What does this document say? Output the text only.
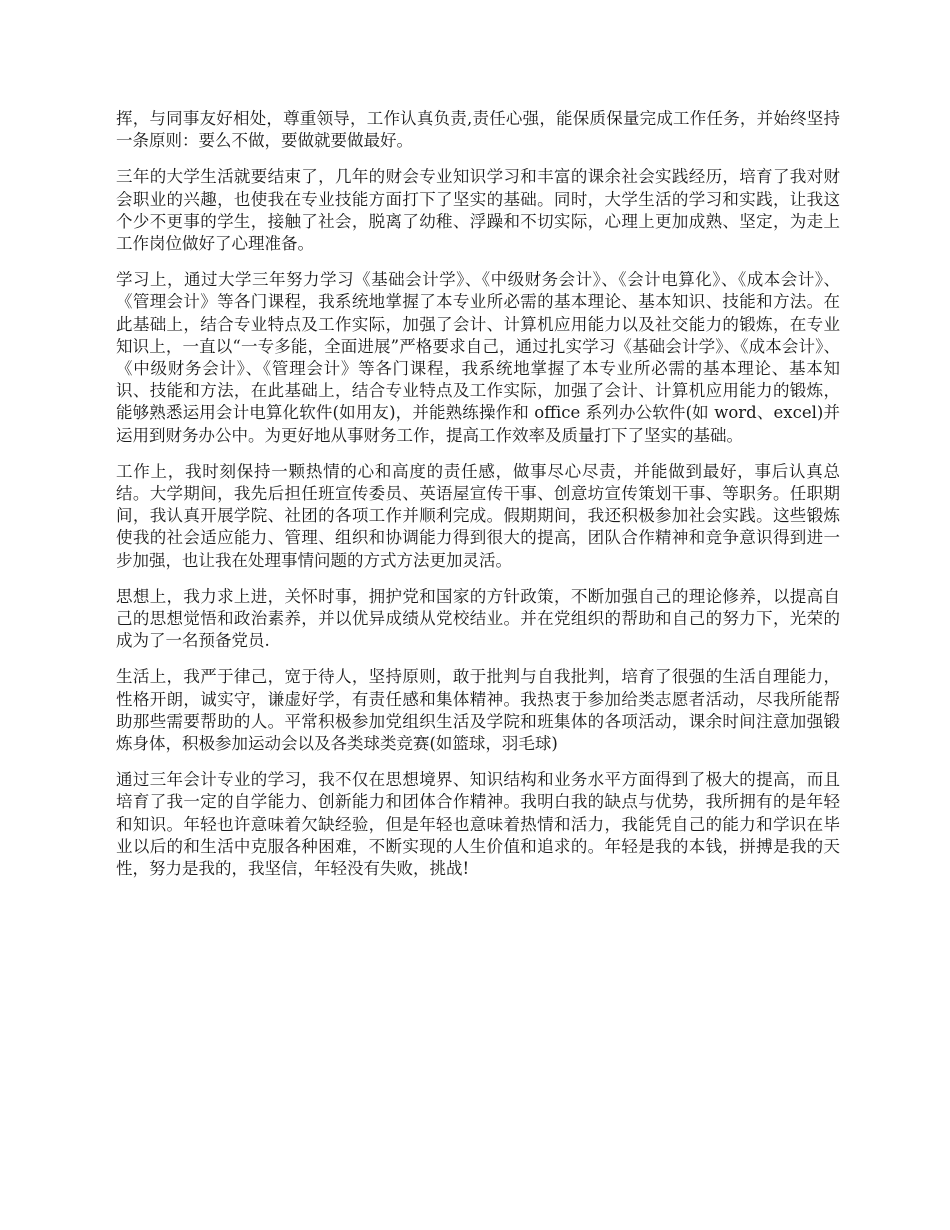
挥，与同事友好相处，尊重领导，工作认真负责,责任心强，能保质保量完成工作任务，并始终坚持一条原则：要么不做，要做就要做最好。

三年的大学生活就要结束了，几年的财会专业知识学习和丰富的课余社会实践经历，培育了我对财会职业的兴趣，也使我在专业技能方面打下了坚实的基础。同时，大学生活的学习和实践，让我这个少不更事的学生，接触了社会，脱离了幼稚、浮躁和不切实际，心理上更加成熟、坚定，为走上工作岗位做好了心理准备。

学习上，通过大学三年努力学习《基础会计学》、《中级财务会计》、《会计电算化》、《成本会计》、《管理会计》等各门课程，我系统地掌握了本专业所必需的基本理论、基本知识、技能和方法。在此基础上，结合专业特点及工作实际，加强了会计、计算机应用能力以及社交能力的锻炼，在专业知识上，一直以“一专多能，全面进展”严格要求自己，通过扎实学习《基础会计学》、《成本会计》、《中级财务会计》、《管理会计》等各门课程，我系统地掌握了本专业所必需的基本理论、基本知识、技能和方法，在此基础上，结合专业特点及工作实际，加强了会计、计算机应用能力的锻炼，能够熟悉运用会计电算化软件(如用友)，并能熟练操作和 office 系列办公软件(如 word、excel)并运用到财务办公中。为更好地从事财务工作，提高工作效率及质量打下了坚实的基础。

工作上，我时刻保持一颗热情的心和高度的责任感，做事尽心尽责，并能做到最好，事后认真总结。大学期间，我先后担任班宣传委员、英语屋宣传干事、创意坊宣传策划干事、等职务。任职期间，我认真开展学院、社团的各项工作并顺利完成。假期期间，我还积极参加社会实践。这些锻炼使我的社会适应能力、管理、组织和协调能力得到很大的提高，团队合作精神和竞争意识得到进一步加强，也让我在处理事情问题的方式方法更加灵活。

思想上，我力求上进，关怀时事，拥护党和国家的方针政策，不断加强自己的理论修养，以提高自己的思想觉悟和政治素养，并以优异成绩从党校结业。并在党组织的帮助和自己的努力下，光荣的成为了一名预备党员.

生活上，我严于律己，宽于待人，坚持原则，敢于批判与自我批判，培育了很强的生活自理能力，性格开朗，诚实守，谦虚好学，有责任感和集体精神。我热衷于参加给类志愿者活动，尽我所能帮助那些需要帮助的人。平常积极参加党组织生活及学院和班集体的各项活动，课余时间注意加强锻炼身体，积极参加运动会以及各类球类竞赛(如篮球，羽毛球)

通过三年会计专业的学习，我不仅在思想境界、知识结构和业务水平方面得到了极大的提高，而且培育了我一定的自学能力、创新能力和团体合作精神。我明白我的缺点与优势，我所拥有的是年轻和知识。年轻也许意味着欠缺经验，但是年轻也意味着热情和活力，我能凭自己的能力和学识在毕业以后的和生活中克服各种困难，不断实现的人生价值和追求的。年轻是我的本钱，拼搏是我的天性，努力是我的，我坚信，年轻没有失败，挑战!
